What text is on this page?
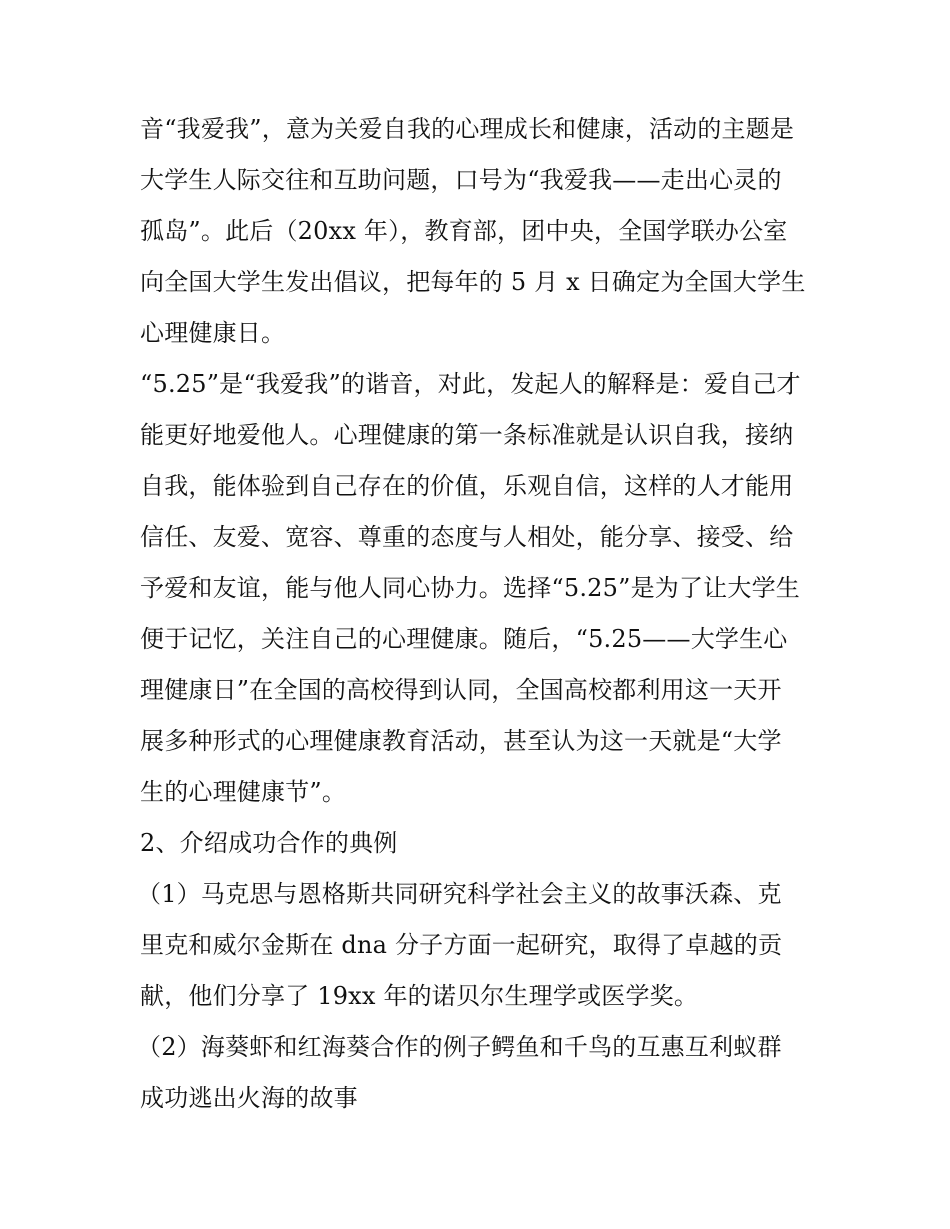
音“我爱我”，意为关爱自我的心理成长和健康，活动的主题是
大学生人际交往和互助问题，口号为“我爱我——走出心灵的
孤岛”。此后（20xx 年），教育部，团中央，全国学联办公室
向全国大学生发出倡议，把每年的 5 月 x 日确定为全国大学生
心理健康日。
“5.25”是“我爱我”的谐音，对此，发起人的解释是：爱自己才
能更好地爱他人。心理健康的第一条标准就是认识自我，接纳
自我，能体验到自己存在的价值，乐观自信，这样的人才能用
信任、友爱、宽容、尊重的态度与人相处，能分享、接受、给
予爱和友谊，能与他人同心协力。选择“5.25”是为了让大学生
便于记忆，关注自己的心理健康。随后，“5.25——大学生心
理健康日”在全国的高校得到认同，全国高校都利用这一天开
展多种形式的心理健康教育活动，甚至认为这一天就是“大学
生的心理健康节”。
2、介绍成功合作的典例
（1）马克思与恩格斯共同研究科学社会主义的故事沃森、克
里克和威尔金斯在 dna 分子方面一起研究，取得了卓越的贡
献，他们分享了 19xx 年的诺贝尔生理学或医学奖。
（2）海葵虾和红海葵合作的例子鳄鱼和千鸟的互惠互利蚁群
成功逃出火海的故事
